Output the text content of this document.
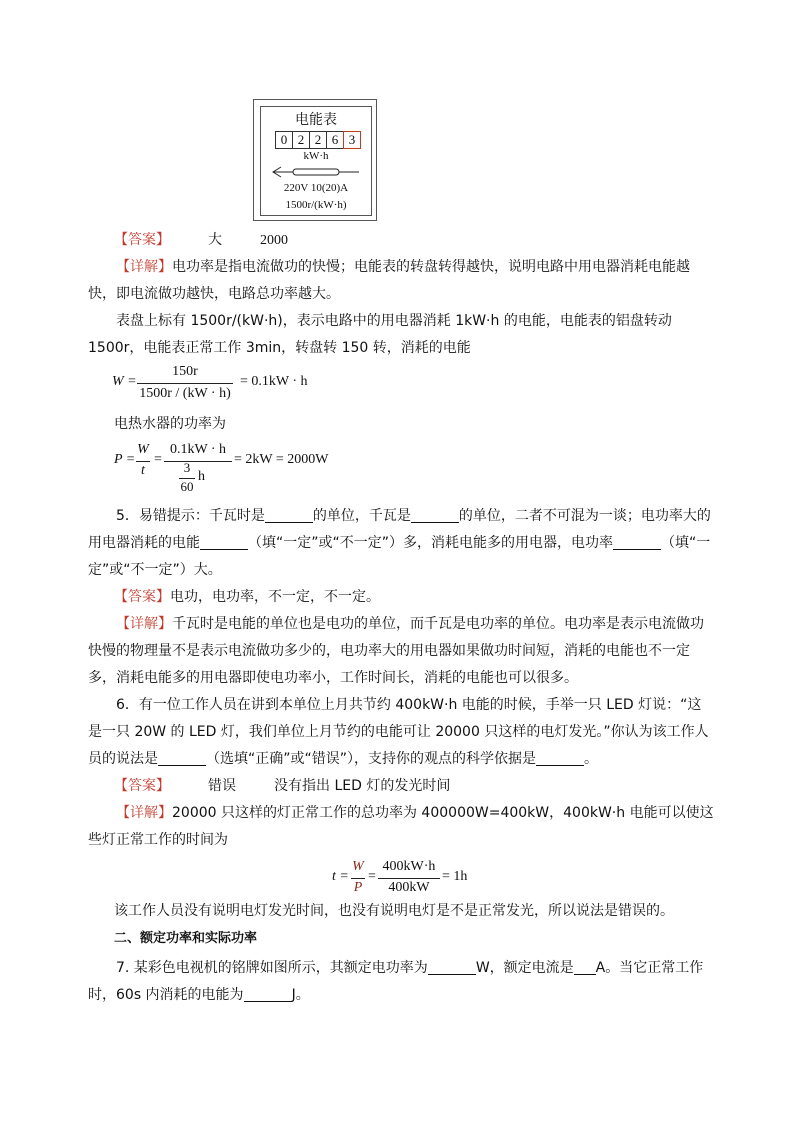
电能表
0 2 2 6 3
kW·h
220V 10(20)A
1500r/(kW·h)
【答案】	大	2000
【详解】电功率是指电流做功的快慢；电能表的转盘转得越快，说明电路中用电器消耗电能越快，即电流做功越快，电路总功率越大。
表盘上标有 1500r/(kW·h)，表示电路中的用电器消耗 1kW·h 的电能，电能表的铝盘转动 1500r，电能表正常工作 3min，转盘转 150 转，消耗的电能
W =
150r
1500r / (kW · h)
= 0.1kW · h
电热水器的功率为
P =
W
t
=
0.1kW · h
3
60
h
= 2kW = 2000W
5．易错提示：千瓦时是	的单位，千瓦是	的单位，二者不可混为一谈；电功率大的用电器消耗的电能	（填“一定”或“不一定”）多，消耗电能多的用电器，电功率	（填“一定”或“不一定”）大。
【答案】电功，电功率，不一定，不一定。
【详解】千瓦时是电能的单位也是电功的单位，而千瓦是电功率的单位。电功率是表示电流做功快慢的物理量不是表示电流做功多少的，电功率大的用电器如果做功时间短，消耗的电能也不一定多，消耗电能多的用电器即使电功率小，工作时间长，消耗的电能也可以很多。
6．有一位工作人员在讲到本单位上月共节约 400kW·h 电能的时候，手举一只 LED 灯说：“这是一只 20W 的 LED 灯，我们单位上月节约的电能可让 20000 只这样的电灯发光。”你认为该工作人员的说法是	（选填“正确”或“错误”），支持你的观点的科学依据是	。
【答案】	错误	没有指出 LED 灯的发光时间
【详解】20000 只这样的灯正常工作的总功率为 400000W=400kW，400kW·h 电能可以使这些灯正常工作的时间为
t =
W
P
=
400kW·h
400kW
= 1h
该工作人员没有说明电灯发光时间，也没有说明电灯是不是正常发光，所以说法是错误的。
二、额定功率和实际功率
7. 某彩色电视机的铭牌如图所示，其额定电功率为	W，额定电流是 A。当它正常工作时，60s 内消耗的电能为	J。
